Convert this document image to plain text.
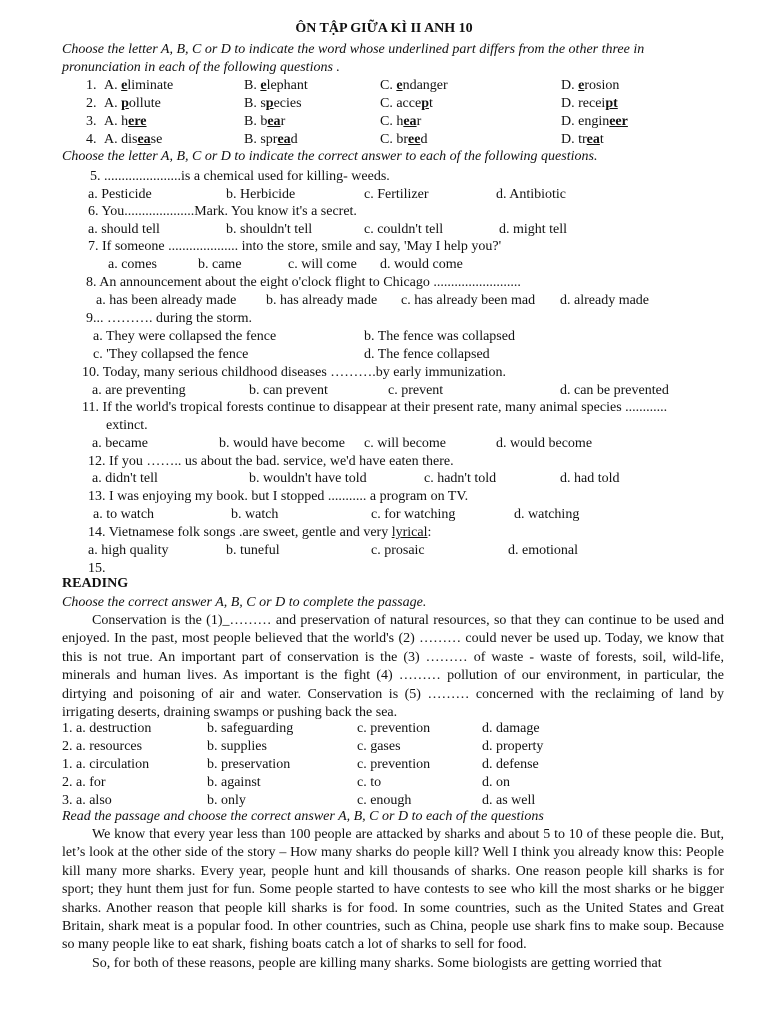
ÔN TẬP GIỮA KÌ II ANH 10
Choose the letter A, B, C or D to indicate the word whose underlined part differs from the other three in
pronunciation in each of the following questions .
1. A. eliminate	B. elephant	C. endanger	D. erosion
2. A. pollute	B. species	C. accept	D. receipt
3. A. here	B. bear	C. hear	D. engineer
4. A. disease	B. spread	C. breed	D. treat
Choose the letter A, B, C or D to indicate the correct answer to each of the following questions.
5. ......................is a chemical used for killing- weeds.
a. Pesticide	b. Herbicide	c. Fertilizer	d. Antibiotic
6. You....................Mark. You know it's a secret.
a. should tell	b. shouldn't tell	c. couldn't tell	d. might tell
7. If someone .................... into the store, smile and say, 'May I help you?'
a. comes	b. came	c. will come d. would come
8. An announcement about the eight o'clock flight to Chicago .........................
a. has been already made b. has already made c. has already been mad d. already made
9... ………. during the storm.
a. They were collapsed the fence	b. The fence was collapsed
c. 'They collapsed the fence	d. The fence collapsed
10. Today, many serious childhood diseases ……….by early immunization.
a. are preventing	b. can prevent	c. prevent	d. can be prevented
11. If the world's tropical forests continue to disappear at their present rate, many animal species ............
extinct.
a. became	b. would have become c. will become	d. would become
12. If you …….. us about the bad. service, we'd have eaten there.
a. didn't tell	b. wouldn't have told	c. hadn't told	d. had told
13. I was enjoying my book. but I stopped ........... a program on TV.
a. to watch	b. watch	c. for watching	d. watching
14. Vietnamese folk songs .are sweet, gentle and very lyrical:
a. high quality	b. tuneful	c. prosaic	d. emotional
15.
READING
Choose the correct answer A, B, C or D to complete the passage.

Conservation is the (1)_……… and preservation of natural resources, so that they can continue to be used and enjoyed. In the past, most people believed that the world's (2) ……… could never be used up. Today, we know that this is not true. An important part of conservation is the (3) ……… of waste - waste of forests, soil, wild-life, minerals and human lives. As important is the fight (4) ……… pollution of our environment, in particular, the dirtying and poisoning of air and water. Conservation is (5) ……… concerned with the reclaiming of land by irrigating deserts, draining swamps or pushing back the sea.

1. a. destruction	b. safeguarding	c. prevention	d. damage
2. a. resources	b. supplies	c. gases	d. property
1. a. circulation	b. preservation	c. prevention	d. defense
2. a. for	b. against	c. to	d. on
3. a. also	b. only	c. enough	d. as well
Read the passage and choose the correct answer A, B, C or D to each of the questions

We know that every year less than 100 people are attacked by sharks and about 5 to 10 of these people die. But, let’s look at the other side of the story – How many sharks do people kill? Well I think you already know this: People kill many more sharks. Every year, people hunt and kill thousands of sharks. One reason people kill sharks is for sport; they hunt them just for fun. Some people started to have contests to see who kill the most sharks or he bigger sharks. Another reason that people kill sharks is for food. In some countries, such as the United States and Great Britain, shark meat is a popular food. In other countries, such as China, people use shark fins to make soup. Because so many people like to eat shark, fishing boats catch a lot of sharks to sell for food.

So, for both of these reasons, people are killing many sharks. Some biologists are getting worried that
